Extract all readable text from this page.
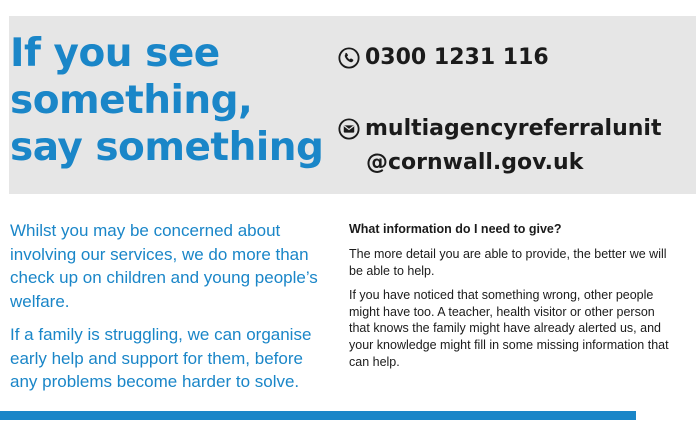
If you see
something,
say something
0300 1231 116
multiagencyreferralunit
@cornwall.gov.uk

Whilst you may be concerned about involving our services, we do more than check up on children and young people’s welfare.

If a family is struggling, we can organise early help and support for them, before any problems become harder to solve.

What information do I need to give?

The more detail you are able to provide, the better we will be able to help.

If you have noticed that something wrong, other people might have too. A teacher, health visitor or other person that knows the family might have already alerted us, and your knowledge might fill in some missing information that can help.
